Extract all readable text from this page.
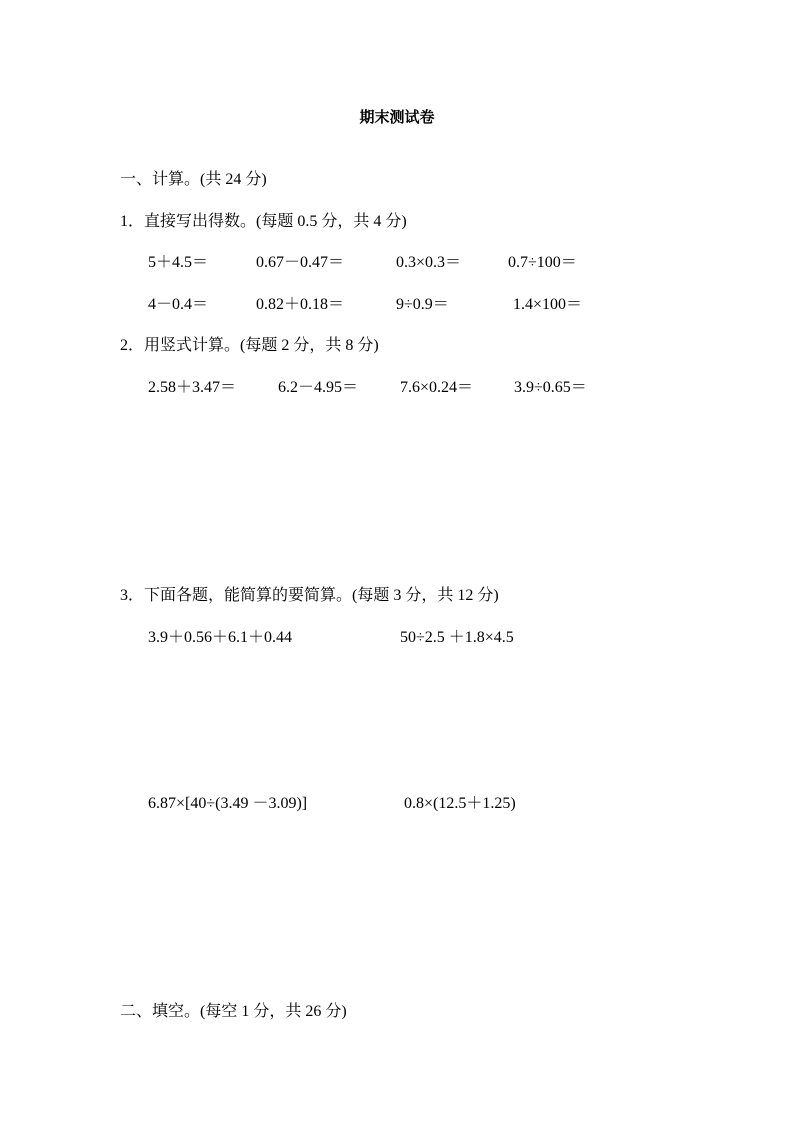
期末测试卷
一、计算。(共 24 分)
1．直接写出得数。(每题 0.5 分，共 4 分)
5＋4.5＝	0.67－0.47＝	0.3×0.3＝	0.7÷100＝
4－0.4＝	0.82＋0.18＝	9÷0.9＝	1.4×100＝
2．用竖式计算。(每题 2 分，共 8 分)
2.58＋3.47＝	6.2－4.95＝	7.6×0.24＝	3.9÷0.65＝
3．下面各题，能简算的要简算。(每题 3 分，共 12 分)
3.9＋0.56＋6.1＋0.44	50÷2.5 ＋1.8×4.5
6.87×[40÷(3.49 －3.09)]	0.8×(12.5＋1.25)
二、填空。(每空 1 分，共 26 分)
